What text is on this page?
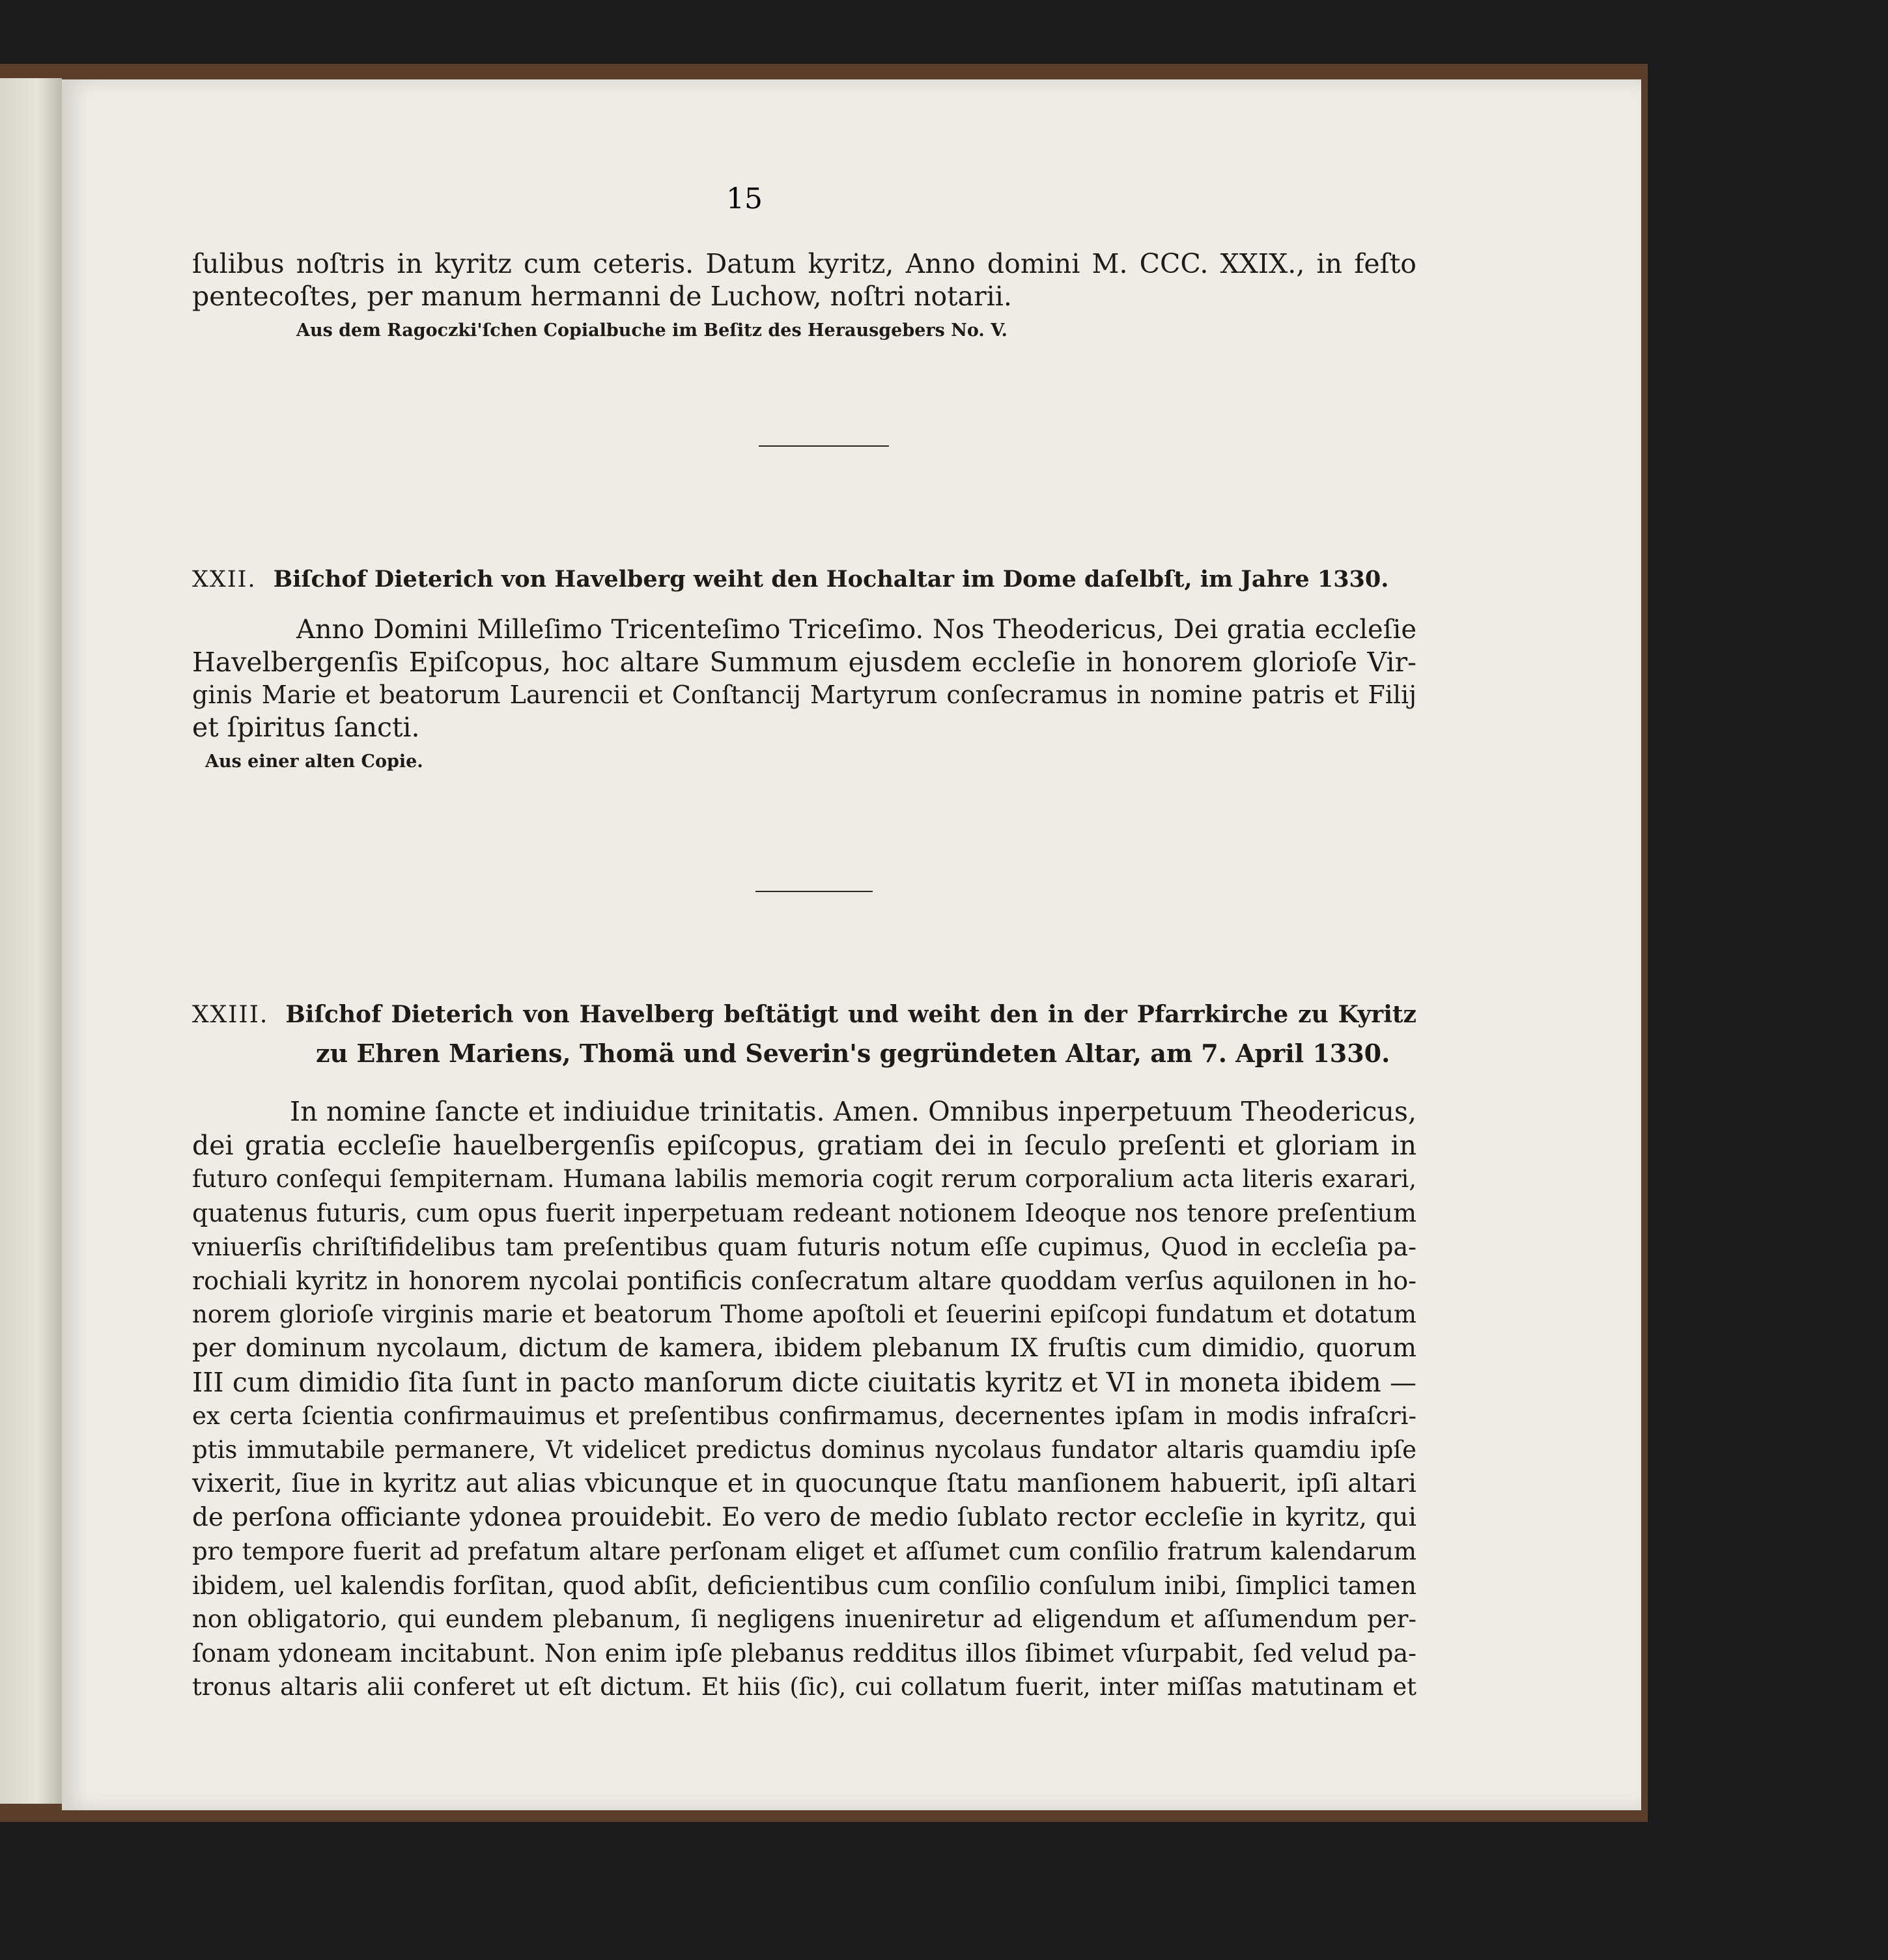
15
ſulibus noſtris in kyritz cum ceteris. Datum kyritz, Anno domini M. CCC. XXIX., in feſto
pentecoſtes, per manum hermanni de Luchow, noſtri notarii.
Aus dem Ragoczki'ſchen Copialbuche im Beſitz des Herausgebers No. V.
XXII. Biſchof Dieterich von Havelberg weiht den Hochaltar im Dome daſelbſt, im Jahre 1330.
Anno Domini Milleſimo Tricenteſimo Triceſimo. Nos Theodericus, Dei gratia eccleſie
Havelbergenſis Epiſcopus, hoc altare Summum ejusdem eccleſie in honorem glorioſe Vir-
ginis Marie et beatorum Laurencii et Conſtancij Martyrum conſecramus in nomine patris et Filij
et ſpiritus ſancti.
Aus einer alten Copie.
XXIII. Biſchof Dieterich von Havelberg beſtätigt und weiht den in der Pfarrkirche zu Kyritz
zu Ehren Mariens, Thomä und Severin's gegründeten Altar, am 7. April 1330.
In nomine ſancte et indiuidue trinitatis. Amen. Omnibus inperpetuum Theodericus,
dei gratia eccleſie hauelbergenſis epiſcopus, gratiam dei in ſeculo preſenti et gloriam in
futuro conſequi ſempiternam. Humana labilis memoria cogit rerum corporalium acta literis exarari,
quatenus futuris, cum opus fuerit inperpetuam redeant notionem Ideoque nos tenore preſentium
vniuerſis chriſtifidelibus tam preſentibus quam futuris notum eſſe cupimus, Quod in eccleſia pa-
rochiali kyritz in honorem nycolai pontificis conſecratum altare quoddam verſus aquilonen in ho-
norem glorioſe virginis marie et beatorum Thome apoſtoli et ſeuerini epiſcopi fundatum et dotatum
per dominum nycolaum, dictum de kamera, ibidem plebanum IX fruſtis cum dimidio, quorum
III cum dimidio ſita ſunt in pacto manſorum dicte ciuitatis kyritz et VI in moneta ibidem —
ex certa ſcientia confirmauimus et preſentibus confirmamus, decernentes ipſam in modis infraſcri-
ptis immutabile permanere, Vt videlicet predictus dominus nycolaus fundator altaris quamdiu ipſe
vixerit, ſiue in kyritz aut alias vbicunque et in quocunque ſtatu manſionem habuerit, ipſi altari
de perſona officiante ydonea prouidebit. Eo vero de medio ſublato rector eccleſie in kyritz, qui
pro tempore fuerit ad prefatum altare perſonam eliget et aſſumet cum conſilio fratrum kalendarum
ibidem, uel kalendis forſitan, quod abſit, deficientibus cum conſilio conſulum inibi, ſimplici tamen
non obligatorio, qui eundem plebanum, ſi negligens inueniretur ad eligendum et aſſumendum per-
ſonam ydoneam incitabunt. Non enim ipſe plebanus redditus illos ſibimet vſurpabit, ſed velud pa-
tronus altaris alii conferet ut eſt dictum. Et hiis (ſic), cui collatum fuerit, inter miſſas matutinam et
